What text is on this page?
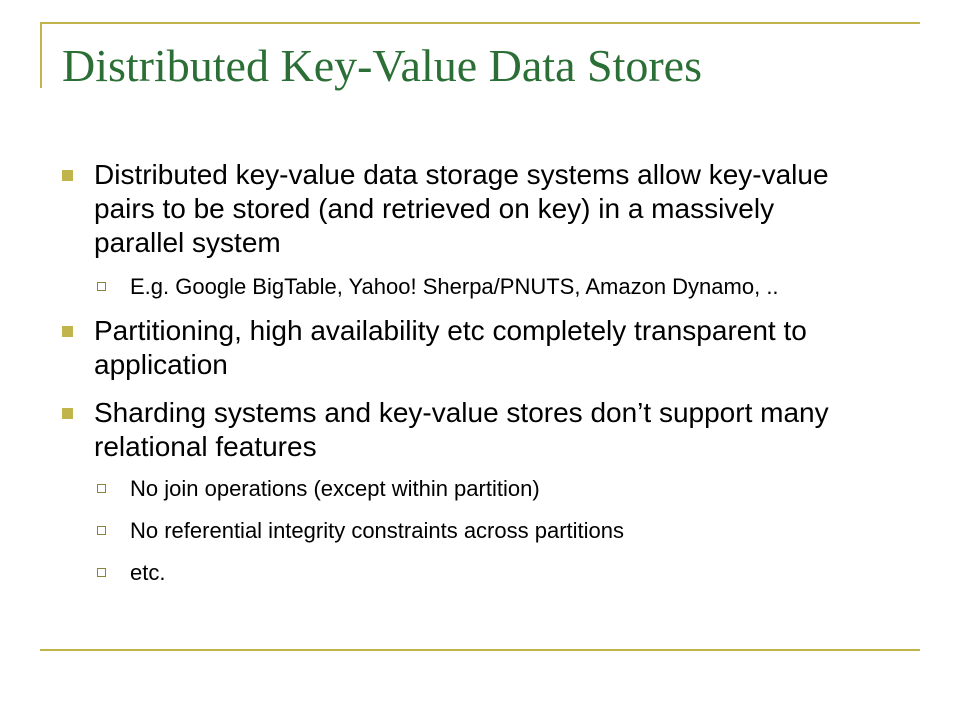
Distributed Key-Value Data Stores
Distributed key-value data storage systems allow key-value pairs to be stored (and retrieved on key) in a massively parallel system
E.g. Google BigTable, Yahoo! Sherpa/PNUTS, Amazon Dynamo, ..
Partitioning, high availability etc completely transparent to application
Sharding systems and key-value stores don’t support many relational features
No join operations (except within partition)
No referential integrity constraints across partitions
etc.
